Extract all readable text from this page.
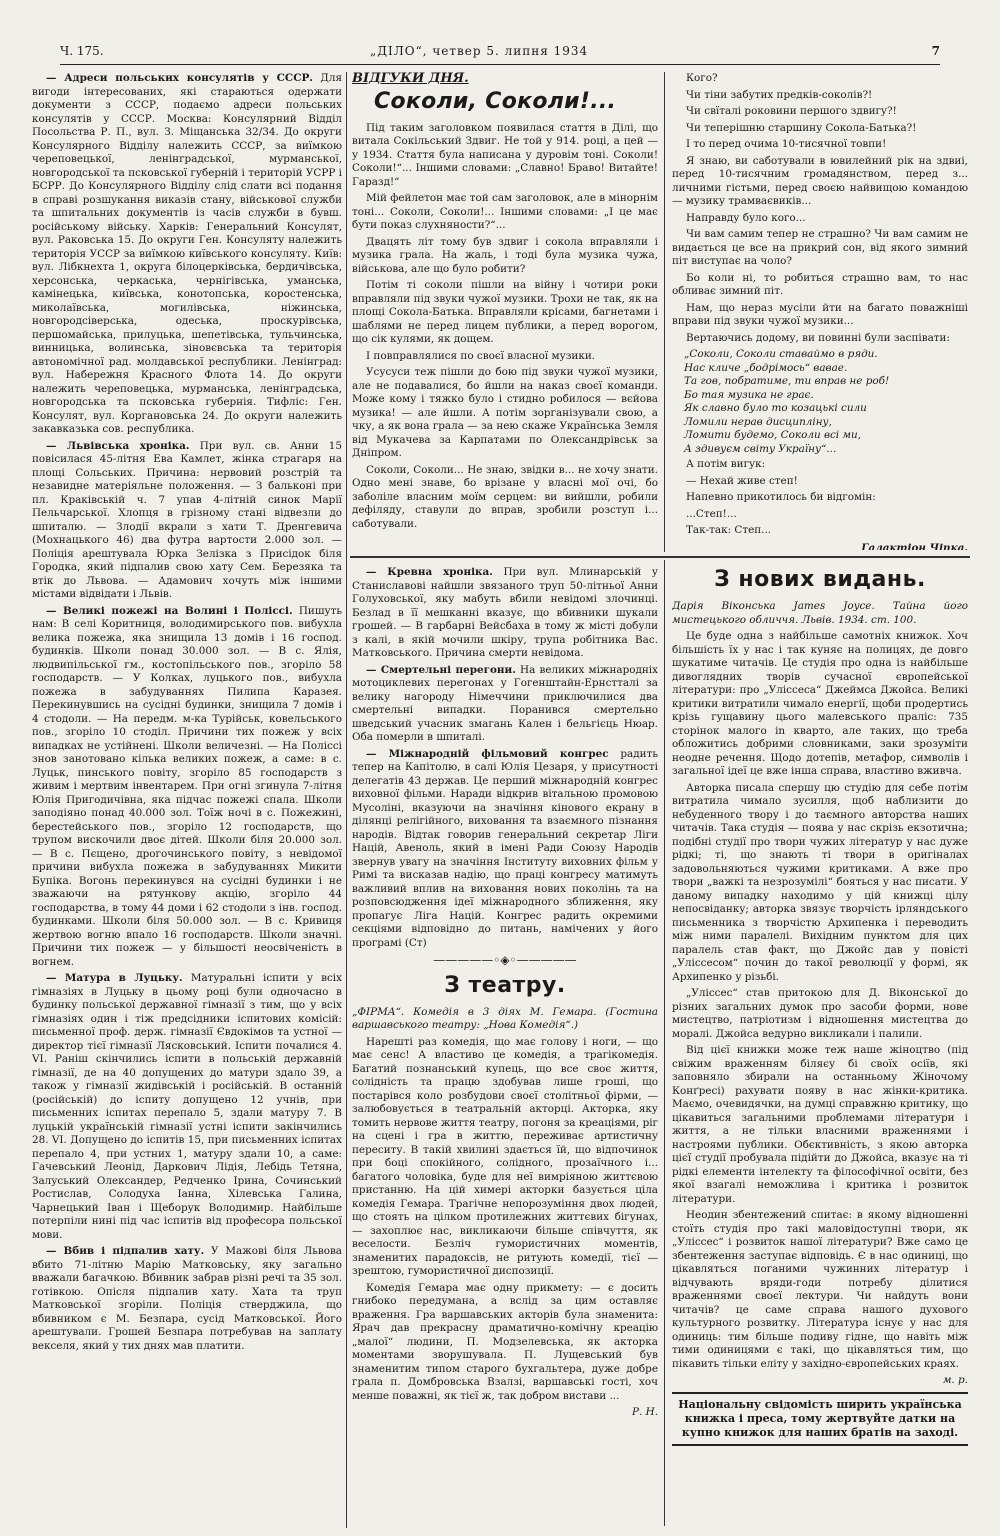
Ч. 175.	„ДІЛО“, четвер 5. липня 1934	7

— Адреси польських консулятів у СССР. Для вигоди інтересованих, які стараються одержати документи з СССР, подаємо адреси польських консулятів у СССР. Москва: Консулярний Відділ Посольства Р. П., вул. З. Міщанська 32/34. До округи Консулярного Відділу належить СССР, за виїмкою череповецької, ленінградської, мурманської, новгородської та псковської губерній і територій УСРР і БСРР. До Консулярного Відділу слід слати всі подання в справі розшукання виказів стану, військової служби та шпитальних документів із часів служби в бувш. російському війську. Харків: Генеральний Консулят, вул. Раковська 15. До округи Ген. Консуляту належить територія УССР за виїмкою київського консуляту. Київ: вул. Лібкнехта 1, округа білоцерківська, бердичівська, херсонська, черкаська, чернігівська, уманська, камінецька, київська, конотопська, коростенська, миколаївська, могилівська, ніжинська, новгородсіверська, одеська, проскурівська, першомайська, прилуцька, шепетівська, тульчинська, винницька, волинська, зіновєвська та територія автономічної рад. молдавської республики. Ленінград: вул. Набережня Красного Флота 14. До округи належить череповецька, мурманська, ленінградська, новгородська та псковська губернія. Тифліс: Ген. Консулят, вул. Коргановська 24. До округи належить закавказька сов. республика.

— Львівська хроніка. При вул. св. Анни 15 повісилася 45-літня Ева Камлет, жінка страгаря на площі Сольських. Причина: нервовий розстрій та незавидне матеріяльне положення. — З бальконі при пл. Краківській ч. 7 упав 4-літній синок Марії Пельчарської. Хлопця в грізному стані відвезли до шпиталю. — Злодії вкрали з хати Т. Дренгевича (Мохнацького 46) два футра вартости 2.000 зол. — Поліція арештувала Юрка Зелізка з Присідок біля Городка, який підпалив свою хату Сем. Березяка та втік до Львова. — Адамович хочуть між іншими містами відвідати і Львів.

— Великі пожежі на Волині і Поліссі. Пишуть нам: В селі Коритниця, володимирського пов. вибухла велика пожежа, яка знищила 13 домів і 16 господ. будинків. Школи понад 30.000 зол. — В с. Ялія, людвипільської гм., костопільського пов., згоріло 58 господарств. — У Колках, луцького пов., вибухла пожежа в забудуваннях Пилипа Каразея. Перекинувшись на сусідні будинки, знищила 7 домів і 4 стодоли. — На передм. м-ка Турійськ, ковельського пов., згоріло 10 стоділ. Причини тих пожеж у всіх випадках не устійнені. Школи величезні. — На Поліссі знов занотовано кілька великих пожеж, а саме: в с. Луцьк, пинського повіту, згоріло 85 господарств з живим і мертвим інвентарем. При огні згинула 7-літня Юлія Пригодичівна, яка підчас пожежі спала. Школи заподіяно понад 40.000 зол. Тоїж ночі в с. Пожежині, берестейського пов., згоріло 12 господарств, що трупом вискочили двоє дітей. Школи біля 20.000 зол. — В с. Пєщено, дрогочинського повіту, з невідомої причини вибухла пожежа в забудуваннях Микити Бупіка. Вогонь перекинувся на сусідні будинки і не зважаючи на рятункову акцію, згоріло 44 господарства, в тому 44 доми і 62 стодоли з інв. господ. будинками. Школи біля 50.000 зол. — В с. Кривиця жертвою вогню впало 16 господарств. Школи значні. Причини тих пожеж — у більшості неосвіченість в вогнем.

— Матура в Луцьку. Матуральні іспити у всіх гімназіях в Луцьку в цьому році були одночасно в будинку польської державної гімназії з тим, що у всіх гімназіях один і тіж предсідники іспитових комісій: письменної проф. держ. гімназії Євдокімов та устної — директор тієї гімназії Лясковський. Іспити почалися 4. VI. Раніш скінчились іспити в польській державній гімназії, де на 40 допущених до матури здало 39, а також у гімназії жидівській і російській. В останній (російській) до іспиту допущено 12 учнів, при письменних іспитах перепало 5, здали матуру 7. В луцькій українській гімназії устні іспити закінчились 28. VI. Допущено до іспитів 15, при письменних іспитах перепало 4, при устних 1, матуру здали 10, а саме: Гачевський Леонід, Даркович Лідія, Лебідь Тетяна, Залуський Олександер, Редченко Ірина, Сочинський Ростислав, Солодуха Іанна, Хілевська Галина, Чарнецький Іван і Щеборук Володимир. Найбільше потерпіли нині під час іспитів від професора польської мови.

— Вбив і підпалив хату. У Мажові біля Львова вбито 71-літню Марію Матковську, яку загально вважали багачкою. Вбивник забрав різні речі та 35 зол. готівкою. Опісля підпалив хату. Хата та труп Матковської згоріли. Поліція стверджила, що вбивником є М. Безпара, сусід Матковської. Його арештували. Грошей Безпара потребував на заплату векселя, який у тих днях мав платити.

ВІДГУКИ ДНЯ.
Соколи, Соколи!...

Під таким заголовком появилася стаття в Ділі, що витала Сокільський Здвиг. Не той у 914. році, а цей — у 1934. Стаття була написана у дуровім тоні. Соколи! Соколи!“... Іншими словами: „Славно! Браво! Витайте! Гаразд!“

Мій фейлетон має той сам заголовок, але в мінорнім тоні... Соколи, Соколи!... Іншими словами: „І це має бути показ слухняности?“...

Двацять літ тому був здвиг і сокола вправляли і музика грала. На жаль, і тоді була музика чужа, військова, але що було робити?

Потім ті соколи пішли на війну і чотири роки вправляли під звуки чужої музики. Трохи не так, як на площі Сокола-Батька. Вправляли крісами, багнетами і шаблями не перед лицем публики, а перед ворогом, що сік кулями, як дощем.

І повправлялися по своєї власної музики.

Усусуси теж пішли до бою під звуки чужої музики, але не подавалися, бо йшли на наказ своєї команди. Може кому і тяжко було і стидно робилося — вєйова музика! — але йшли. А потім зорганізували свою, а чку, а як вона грала — за нею скаже Українська Земля від Мукачева за Карпатами по Олександрівськ за Дніпром.

Соколи, Соколи... Не знаю, звідки в... не хочу знати. Одно мені знаве, бо врізане у власні мої очі, бо заболіле власним моїм серцем: ви вийшли, робили дефіляду, ставули до вправ, зробили розступ і... саботували.

Кого?

Чи тіни забутих предків-соколів?!

Чи свїталі роковини першого здвигу?!

Чи теперішню старшину Сокола-Батька?!

І то перед очима 10-тисячної товпи!

Я знаю, ви саботували в ювилейний рік на здвиі, перед 10-тисячним громадянством, перед з... личними гістьми, перед своєю найвищою командою — музику трамваєвиків...

Направду було кого...

Чи вам самим тепер не страшно? Чи вам самим не видається це все на прикрий сон, від якого зимний піт виступає на чоло?

Бо коли ні, то робиться страшно вам, то нас обливає зимний піт.

Нам, що нераз мусіли йти на багато поважніші вправи під звуки чужої музики...

Вертаючись додому, ви повинні були заспівати:

„Соколи, Соколи ставаймо в ряди.
Нас кличе „бодрімось“ вавае.
Та гов, побратиме, ти вправ не роб!
Бо тая музика не грає.
Як славно було то козацькі сили
Ломили нерав дисципліну,
Ломити будемо, Соколи всі ми,
А здивуєм світу Україну“...

А потім вигук:

— Нехай живе степ!

Напевно прикотилось би відгомін:

...Степ!...

Так-так: Степ...

Галактіон Чіпка.

— Кревна хроніка. При вул. Млинарській у Станиславові найшли звязаного труп 50-літньої Анни Голуховської, яку мабуть вбили невідомі злочинці. Безлад в її мешканні вказує, що вбивники шукали грошей. — В гарбарні Вейсбаха в тому ж місті добули з калі, в якій мочили шкіру, трупа робітника Вас. Матковського. Причина смерти невідома.

— Смертельні перегони. На великих міжнародніх мотоциклевих перегонах у Гогенштайн-Ернстталі за велику нагороду Німеччини приключилися два смертельні випадки. Поранився смертельно шведський учасник змагань Кален і бельгієць Нюар. Оба померли в шпиталі.

— Міжнародній фільмовий конгрес радить тепер на Капітолю, в салі Юлія Цезаря, у присутності делегатів 43 держав. Це перший міжнародній конгрес виховної фільми. Наради відкрив вітальною промовою Мусоліні, вказуючи на значіння кінового екрану в ділянці релігійного, виховання та взаємного пізнання народів. Відтак говорив генеральний секретар Ліги Націй, Авеноль, який в імені Ради Союзу Народів звернув увагу на значіння Інституту виховних фільм у Римі та висказав надію, що праці конгресу матимуть важливий вплив на виховання нових поколінь та на розповсюдження ідеї міжнародного зближення, яку пропагує Ліга Націй. Конгрес радить окремими секціями відповідно до питань, намічених у його програмі (Ст)

—————◦◈◦—————
З театру.

„ФІРМА“. Комедія в 3 діях М. Гемара. (Гостина варшавського театру: „Нова Комедія“.)

Нарешті раз комедія, що має голову і ноги, — що має сенс! А властиво це комедія, а трагікомедія. Багатий познанський купець, що все своє життя, солідність та працю здобував лише гроші, що постарівся коло розбудови своєї столітньої фірми, — залюбовується в театральній акторці. Акторка, яку томить нервове життя театру, погоня за креаціями, ріг на сцені і гра в життю, переживає артистичну переситу. В такій хвилині здається їй, що відпочинок при боці спокійного, солідного, прозаїчного і... багатого чоловіка, буде для неї вимріяною життєвою пристанню. На цій химері акторки базується ціла комедія Гемара. Трагічне непорозуміння двох людей, що стоять на цілком протилежних життєвих бігунах, — захоплює нас, викликаючи більше співчуття, як веселости. Безліч гумористичних моментів, знаменитих парадоксів, не ритують комедії, тієї — зрештою, гумористичної диспозиції.

Комедія Гемара має одну прикмету: — є досить гнибоко передумана, а вслід за цим оставляє враження. Гра варшавських акторів була знаменита: Ярач дав прекрасну драматично-комічну креацію „малої“ людини, П. Модзелевська, як акторка моментами зворушувала. П. Лущевський був знаменитим типом старого бухгальтера, дуже добре грала п. Домбровська Взалзі, варшавські гості, хоч менше поважні, як тієї ж, так добром вистави ...

Р. Н.
З нових видань.

Дарія Віконська James Joyce. Тайна його мистецького обличчя. Львів. 1934. ст. 100.

Це буде одна з найбільше самотніх книжок. Хоч більшість їх у нас і так куняє на полицях, де довго шукатиме читачів. Це студія про одна із найбільше дивоглядних творів сучасної європейської літератури: про „Уліссеса“ Джеймса Джойса. Великі критики витратили чимало енергії, щоби продертись крізь гущавину цього малевського праліс: 735 сторінок малого in кварто, але таких, що треба обложитись добрими словниками, заки зрозуміти неодне речення. Щодо дотепів, метафор, символів і загальної ідеї це вже інша справа, властиво вживча.

Авторка писала спершу цю студію для себе потім витратила чимало зусилля, щоб наблизити до небуденного твору і до таємного авторства наших читачів. Така студія — поява у нас скрізь екзотична; подібні студії про твори чужих літератур у нас дуже рідкі; ті, що знають ті твори в оригіналах задовольняються чужими критиками. А вже про твори „важкі та незрозумілі“ бояться у нас писати. У даному випадку находимо у цій книжці цілу непосвіданку; авторка звязує творчість ірляндського письменника з творчістю Архипенка і переводить між ними паралелі. Вихідним пунктом для цих паралель став факт, що Джойс дав у повісті „Уліссесом“ почин до такої революції у формі, як Архипенко у різьбі.

„Уліссес“ став притокою для Д. Віконської до різних загальних думок про засоби форми, нове мистецтво, патріотизм і відношення мистецтва до моралі. Джойса ведурно викликали і палили.

Від цієї книжки може теж наше жіноцтво (під свіжим враженням біляєу бі своїх осіїв, які заповняло збирали на останньому Жіночому Конґресі) рахувати появу в нас жінки-критика. Маємо, очевидячки, на думці справжню критику, що цікавиться загальними проблемами літератури і життя, а не тільки власними враженнями і настроями публики. Обєктивність, з якою авторка цієї студії пробувала підійти до Джойса, вказує на ті рідкі елементи інтелекту та філософічної освіти, без якої взагалі неможлива і критика і розвиток літератури.

Неодин збентежений спитає: в якому відношенні стоїть студія про такі маловідоступні твори, як „Уліссес“ і розвиток нашої літератури? Вже само це збентеження заступає відповідь. Є в нас одиниці, що цікавляться поганими чужинних літератур і відчувають вряди-годи потребу ділитися враженнями своєї лектури. Чи найдуть вони читачів? це саме справа нашого духового культурного розвитку. Література існує у нас для одиниць: тим більше подиву гідне, що навіть між тими одиницями є такі, що цікавляться тим, що пікавить тільки еліту у західно-європейських краях.

м. р.
Національну свідомість ширить українська книжка і преса, тому жертвуйте датки на купно книжок для наших братів на заході.
